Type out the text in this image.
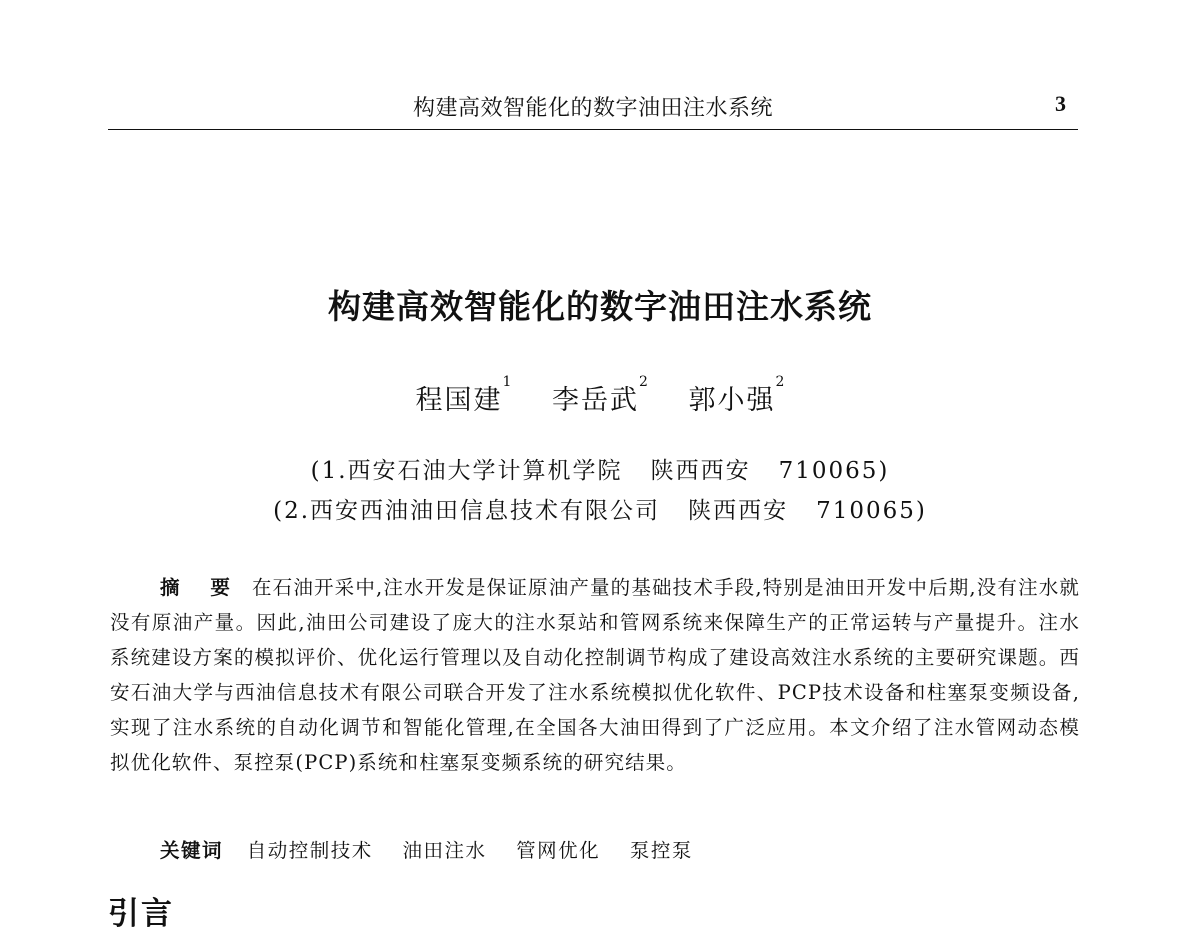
构建高效智能化的数字油田注水系统	3
构建高效智能化的数字油田注水系统
程国建$^1$ 李岳武$^2$ 郭小强$^2$
(1.西安石油大学计算机学院 陕西西安 710065)
(2.西安西油油田信息技术有限公司 陕西西安 710065)
摘 要 在石油开采中,注水开发是保证原油产量的基础技术手段,特别是油田开发中后期,没有注水就没有原油产量。因此,油田公司建设了庞大的注水泵站和管网系统来保障生产的正常运转与产量提升。注水系统建设方案的模拟评价、优化运行管理以及自动化控制调节构成了建设高效注水系统的主要研究课题。西安石油大学与西油信息技术有限公司联合开发了注水系统模拟优化软件、PCP技术设备和柱塞泵变频设备,实现了注水系统的自动化调节和智能化管理,在全国各大油田得到了广泛应用。本文介绍了注水管网动态模拟优化软件、泵控泵(PCP)系统和柱塞泵变频系统的研究结果。
关键词 自动控制技术 油田注水 管网优化 泵控泵
引言
